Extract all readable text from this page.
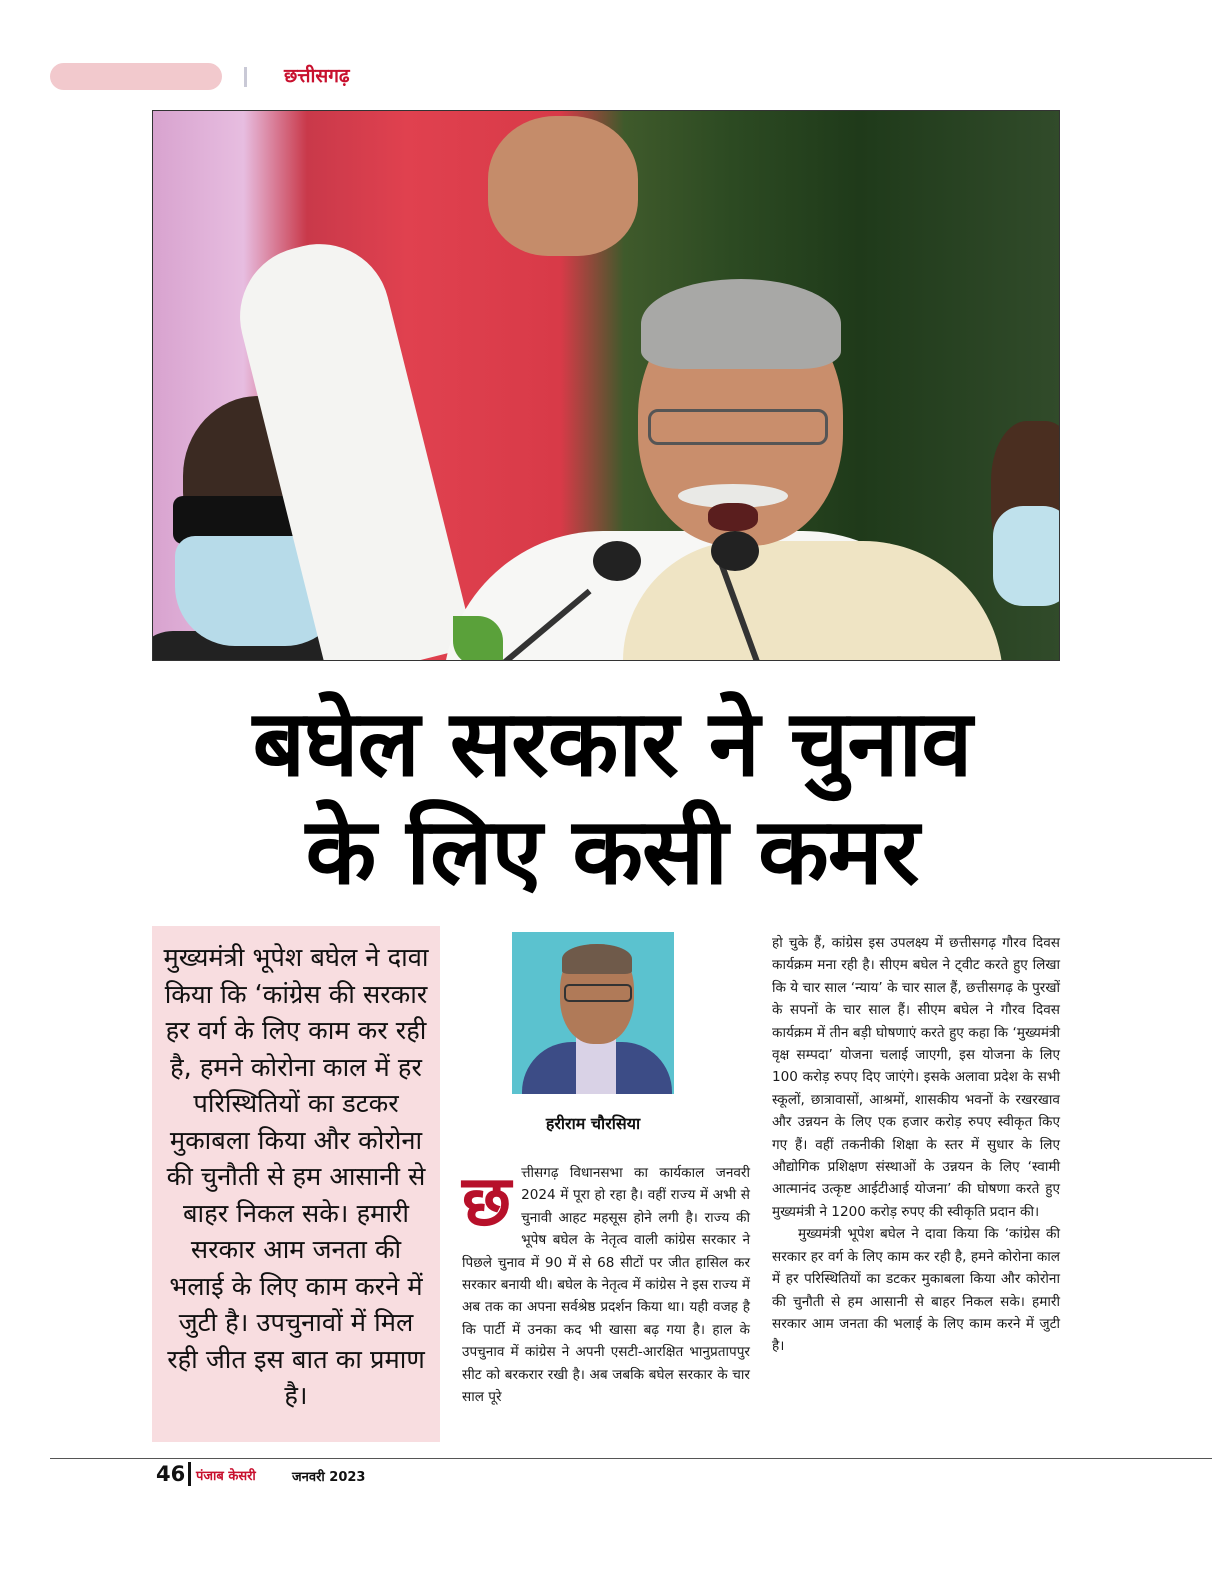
छत्तीसगढ़
बघेल सरकार ने चुनाव
के लिए कसी कमर
मुख्यमंत्री भूपेश बघेल ने दावा किया कि ‘कांग्रेस की सरकार हर वर्ग के लिए काम कर रही है, हमने कोरोना काल में हर परिस्थितियों का डटकर मुकाबला किया और कोरोना की चुनौती से हम आसानी से बाहर निकल सके। हमारी सरकार आम जनता की भलाई के लिए काम करने में जुटी है। उपचुनावों में मिल रही जीत इस बात का प्रमाण है।
हरीराम चौरसिया
छ त्तीसगढ़ विधानसभा का कार्यकाल जनवरी 2024 में पूरा हो रहा है। वहीं राज्य में अभी से चुनावी आहट महसूस होने लगी है। राज्य की भूपेष बघेल के नेतृत्व वाली कांग्रेस सरकार ने पिछले चुनाव में 90 में से 68 सीटों पर जीत हासिल कर सरकार बनायी थी। बघेल के नेतृत्व में कांग्रेस ने इस राज्य में अब तक का अपना सर्वश्रेष्ठ प्रदर्शन किया था। यही वजह है कि पार्टी में उनका कद भी खासा बढ़ गया है। हाल के उपचुनाव में कांग्रेस ने अपनी एसटी-आरक्षित भानुप्रतापपुर सीट को बरकरार रखी है। अब जबकि बघेल सरकार के चार साल पूरे

हो चुके हैं, कांग्रेस इस उपलक्ष्य में छत्तीसगढ़ गौरव दिवस कार्यक्रम मना रही है। सीएम बघेल ने ट्वीट करते हुए लिखा कि ये चार साल ‘न्याय’ के चार साल हैं, छत्तीसगढ़ के पुरखों के सपनों के चार साल हैं। सीएम बघेल ने गौरव दिवस कार्यक्रम में तीन बड़ी घोषणाएं करते हुए कहा कि ‘मुख्यमंत्री वृक्ष सम्पदा’ योजना चलाई जाएगी, इस योजना के लिए 100 करोड़ रुपए दिए जाएंगे। इसके अलावा प्रदेश के सभी स्कूलों, छात्रावासों, आश्रमों, शासकीय भवनों के रखरखाव और उन्नयन के लिए एक हजार करोड़ रुपए स्वीकृत किए गए हैं। वहीं तकनीकी शिक्षा के स्तर में सुधार के लिए औद्योगिक प्रशिक्षण संस्थाओं के उन्नयन के लिए ‘स्वामी आत्मानंद उत्कृष्ट आईटीआई योजना’ की घोषणा करते हुए मुख्यमंत्री ने 1200 करोड़ रुपए की स्वीकृति प्रदान की।

मुख्यमंत्री भूपेश बघेल ने दावा किया कि ‘कांग्रेस की सरकार हर वर्ग के लिए काम कर रही है, हमने कोरोना काल में हर परिस्थितियों का डटकर मुकाबला किया और कोरोना की चुनौती से हम आसानी से बाहर निकल सके। हमारी सरकार आम जनता की भलाई के लिए काम करने में जुटी है।

46 पंजाब केसरी	जनवरी 2023
